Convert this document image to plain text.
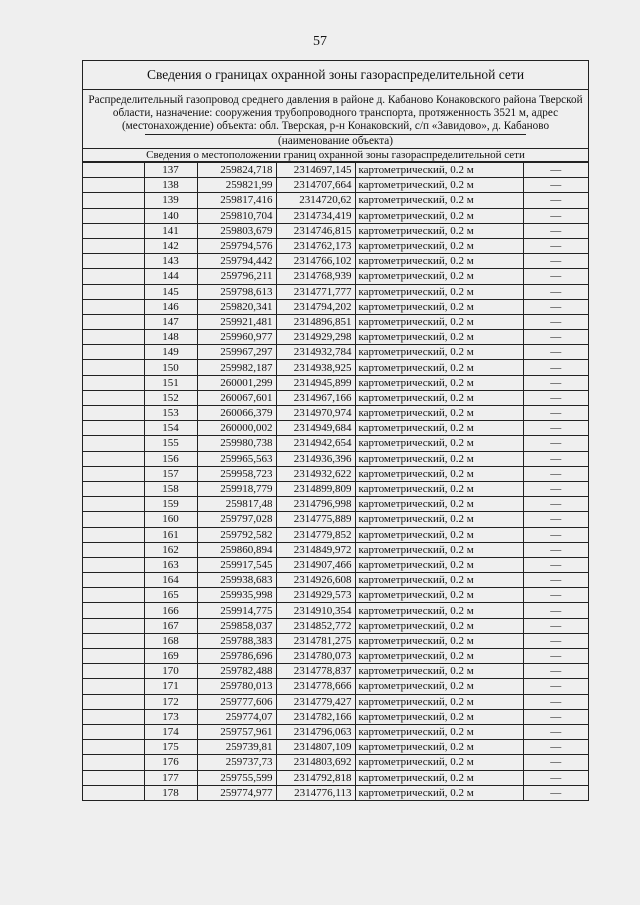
57
Сведения о границах охранной зоны газораспределительной сети
Распределительный газопровод среднего давления в районе д. Кабаново Конаковского района Тверской области, назначение: сооружения трубопроводного транспорта, протяженность 3521 м, адрес (местонахождение) объекта: обл. Тверская, р-н Конаковский, с/п «Завидово», д. Кабаново
(наименование объекта)
Сведения о местоположении границ охранной зоны газораспределительной сети
	137	259824,718	2314697,145	картометрический, 0.2 м	—
	138	259821,99	2314707,664	картометрический, 0.2 м	—
	139	259817,416	2314720,62	картометрический, 0.2 м	—
	140	259810,704	2314734,419	картометрический, 0.2 м	—
	141	259803,679	2314746,815	картометрический, 0.2 м	—
	142	259794,576	2314762,173	картометрический, 0.2 м	—
	143	259794,442	2314766,102	картометрический, 0.2 м	—
	144	259796,211	2314768,939	картометрический, 0.2 м	—
	145	259798,613	2314771,777	картометрический, 0.2 м	—
	146	259820,341	2314794,202	картометрический, 0.2 м	—
	147	259921,481	2314896,851	картометрический, 0.2 м	—
	148	259960,977	2314929,298	картометрический, 0.2 м	—
	149	259967,297	2314932,784	картометрический, 0.2 м	—
	150	259982,187	2314938,925	картометрический, 0.2 м	—
	151	260001,299	2314945,899	картометрический, 0.2 м	—
	152	260067,601	2314967,166	картометрический, 0.2 м	—
	153	260066,379	2314970,974	картометрический, 0.2 м	—
	154	260000,002	2314949,684	картометрический, 0.2 м	—
	155	259980,738	2314942,654	картометрический, 0.2 м	—
	156	259965,563	2314936,396	картометрический, 0.2 м	—
	157	259958,723	2314932,622	картометрический, 0.2 м	—
	158	259918,779	2314899,809	картометрический, 0.2 м	—
	159	259817,48	2314796,998	картометрический, 0.2 м	—
	160	259797,028	2314775,889	картометрический, 0.2 м	—
	161	259792,582	2314779,852	картометрический, 0.2 м	—
	162	259860,894	2314849,972	картометрический, 0.2 м	—
	163	259917,545	2314907,466	картометрический, 0.2 м	—
	164	259938,683	2314926,608	картометрический, 0.2 м	—
	165	259935,998	2314929,573	картометрический, 0.2 м	—
	166	259914,775	2314910,354	картометрический, 0.2 м	—
	167	259858,037	2314852,772	картометрический, 0.2 м	—
	168	259788,383	2314781,275	картометрический, 0.2 м	—
	169	259786,696	2314780,073	картометрический, 0.2 м	—
	170	259782,488	2314778,837	картометрический, 0.2 м	—
	171	259780,013	2314778,666	картометрический, 0.2 м	—
	172	259777,606	2314779,427	картометрический, 0.2 м	—
	173	259774,07	2314782,166	картометрический, 0.2 м	—
	174	259757,961	2314796,063	картометрический, 0.2 м	—
	175	259739,81	2314807,109	картометрический, 0.2 м	—
	176	259737,73	2314803,692	картометрический, 0.2 м	—
	177	259755,599	2314792,818	картометрический, 0.2 м	—
	178	259774,977	2314776,113	картометрический, 0.2 м	—
